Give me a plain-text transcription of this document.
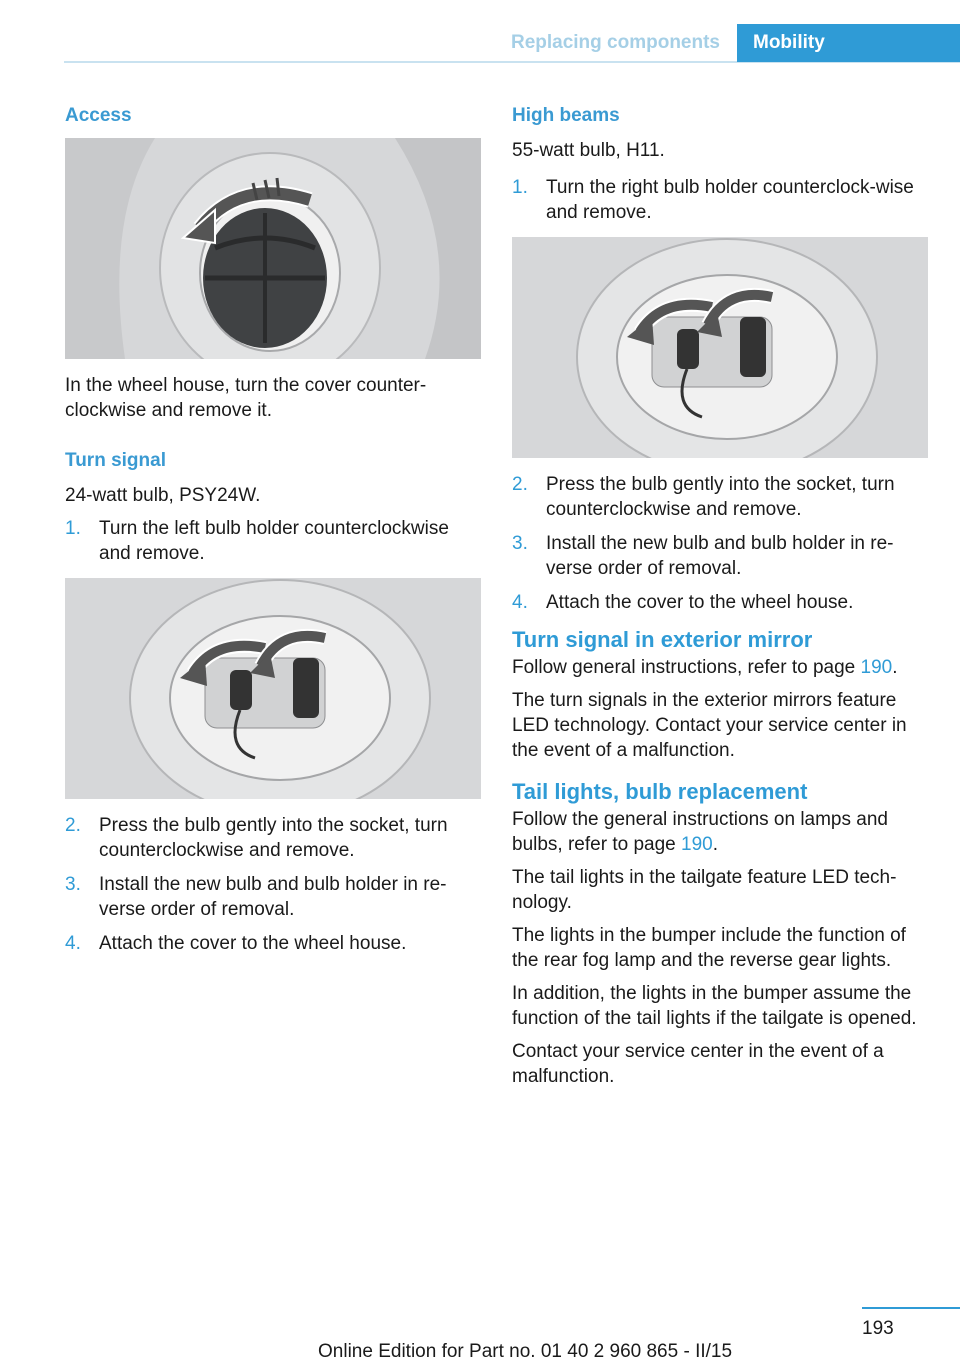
Replacing components	Mobility
Access

In the wheel house, turn the cover counter‐clockwise and remove it.

Turn signal

24-watt bulb, PSY24W.

1. Turn the left bulb holder counterclockwise and remove.
2. Press the bulb gently into the socket, turn counterclockwise and remove.
3. Install the new bulb and bulb holder in re‐verse order of removal.
4. Attach the cover to the wheel house.
High beams

55-watt bulb, H11.

1. Turn the right bulb holder counterclock‐wise and remove.
2. Press the bulb gently into the socket, turn counterclockwise and remove.
3. Install the new bulb and bulb holder in re‐verse order of removal.
4. Attach the cover to the wheel house.
Turn signal in exterior mirror

Follow general instructions, refer to page 190.

The turn signals in the exterior mirrors feature LED technology. Contact your service center in the event of a malfunction.

Tail lights, bulb replacement

Follow the general instructions on lamps and bulbs, refer to page 190.

The tail lights in the tailgate feature LED tech‐nology.

The lights in the bumper include the function of the rear fog lamp and the reverse gear lights.

In addition, the lights in the bumper assume the function of the tail lights if the tailgate is opened.

Contact your service center in the event of a malfunction.

193
Online Edition for Part no. 01 40 2 960 865 - II/15
